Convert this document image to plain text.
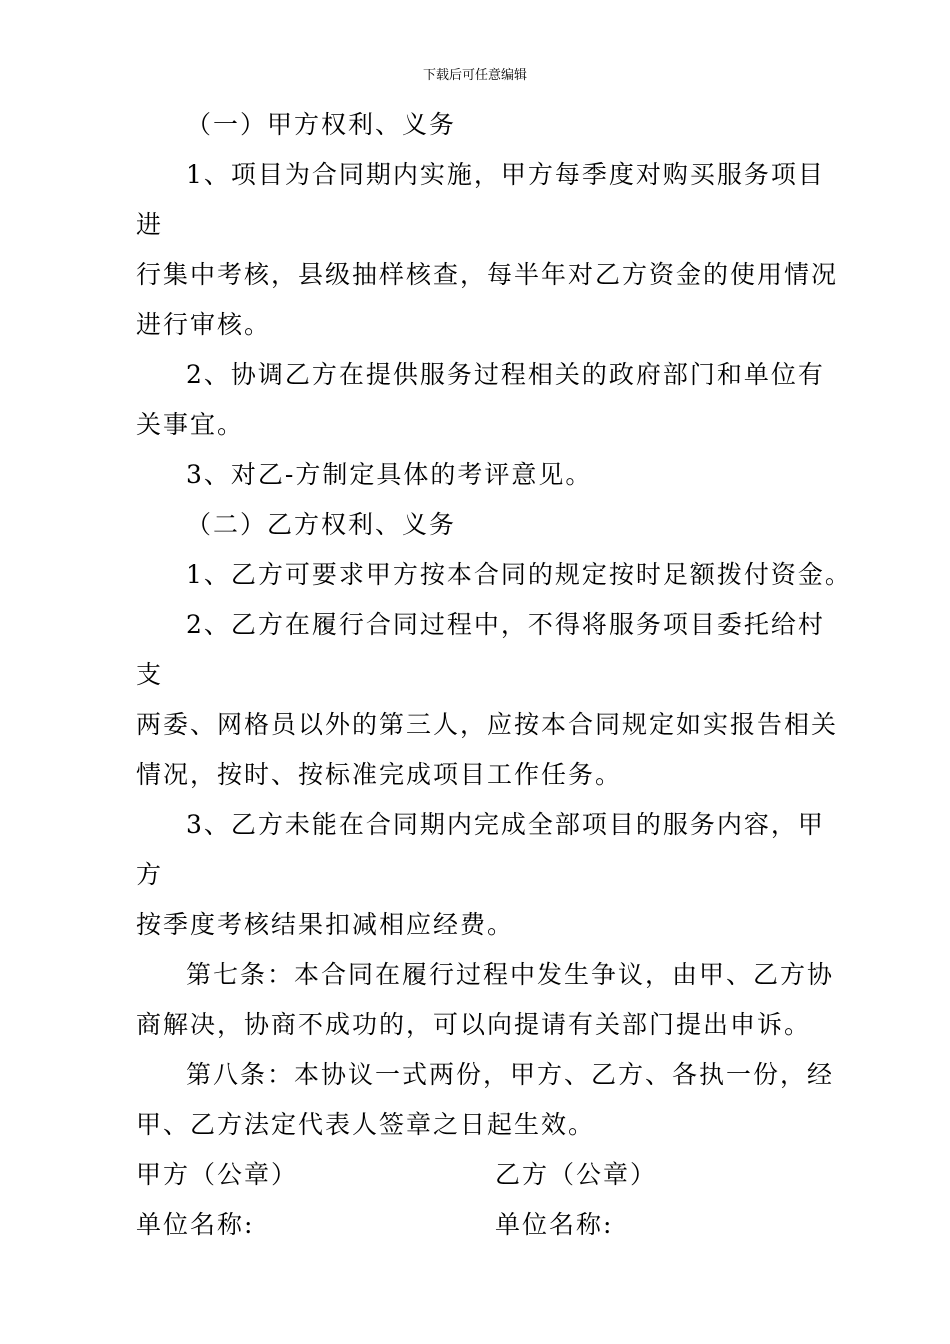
下载后可任意编辑
（一）甲方权利、义务
1、项目为合同期内实施，甲方每季度对购买服务项目
进
行集中考核，县级抽样核查，每半年对乙方资金的使用情况
进行审核。
2、协调乙方在提供服务过程相关的政府部门和单位有
关事宜。
3、对乙-方制定具体的考评意见。
（二）乙方权利、义务
1、乙方可要求甲方按本合同的规定按时足额拨付资金。
2、乙方在履行合同过程中，不得将服务项目委托给村
支
两委、网格员以外的第三人，应按本合同规定如实报告相关
情况，按时、按标准完成项目工作任务。
3、乙方未能在合同期内完成全部项目的服务内容，甲
方
按季度考核结果扣减相应经费。
第七条：本合同在履行过程中发生争议，由甲、乙方协
商解决，协商不成功的，可以向提请有关部门提出申诉。
第八条：本协议一式两份，甲方、乙方、各执一份，经
甲、乙方法定代表人签章之日起生效。
甲方（公章）	乙方（公章）
单位名称:	单位名称:
